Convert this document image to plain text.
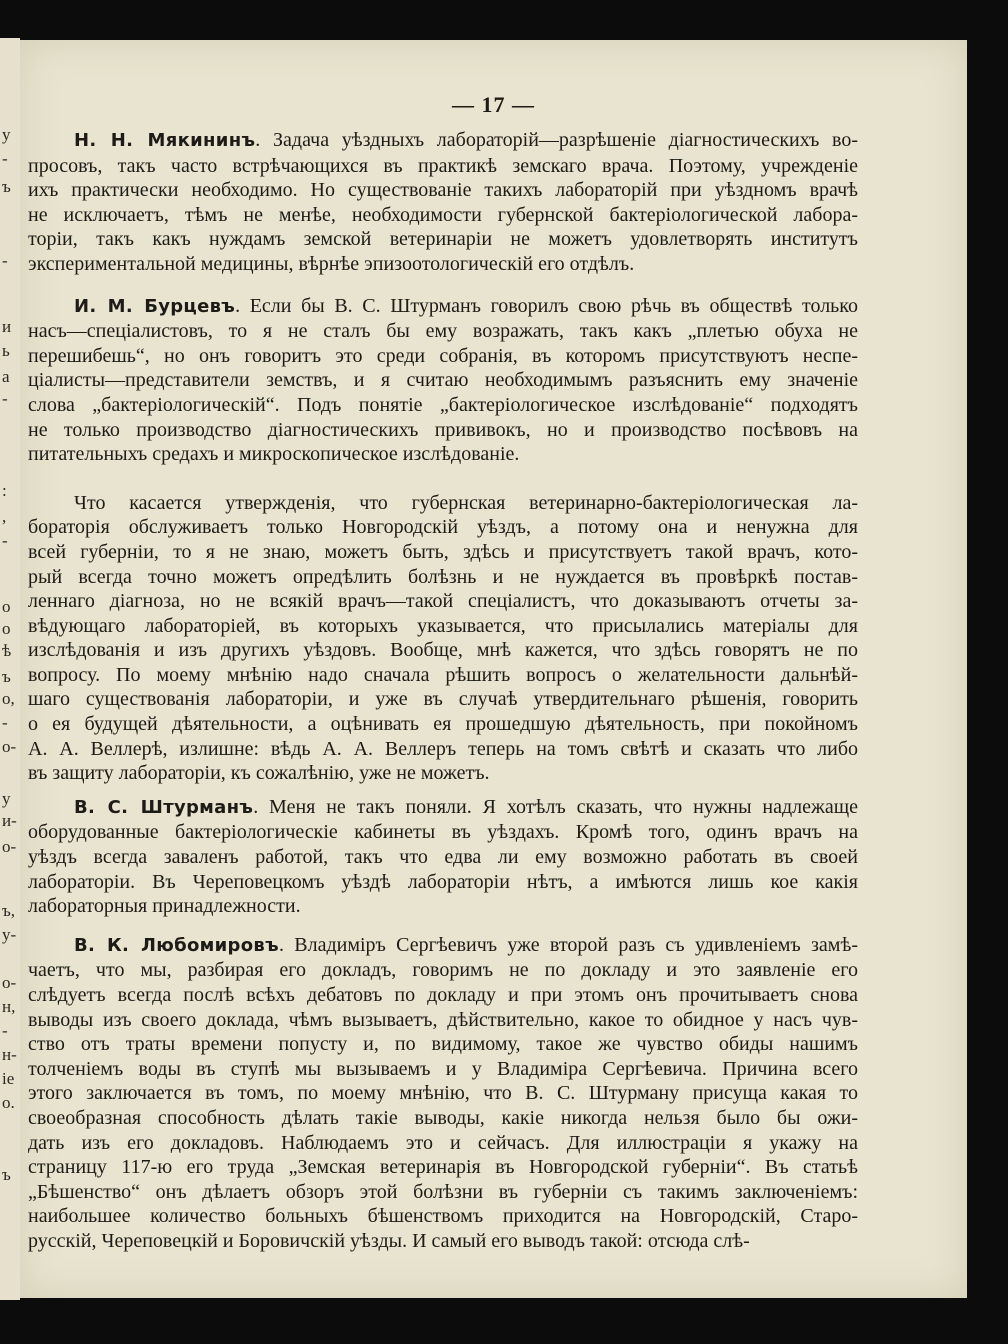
у
-
ъ
-
и
ь
а
-
:
,
-
о
о
ѣ
ъ
о,
-
о-
у
и-
о-
ъ,
у-
о-
н,
-
н-
іе
о.
ъ
— 17 —
Н. Н. Мякининъ. Задача уѣздныхъ лабораторій—разрѣшеніе діагностическихъ во-
просовъ, такъ часто встрѣчающихся въ практикѣ земскаго врача. Поэтому, учрежденіе
ихъ практически необходимо. Но существованіе такихъ лабораторій при уѣздномъ врачѣ
не исключаетъ, тѣмъ не менѣе, необходимости губернской бактеріологической лабора-
торіи, такъ какъ нуждамъ земской ветеринаріи не можетъ удовлетворять институтъ
экспериментальной медицины, вѣрнѣе эпизоотологическій его отдѣлъ.
И. М. Бурцевъ. Если бы В. С. Штурманъ говорилъ свою рѣчь въ обществѣ только
насъ—спеціалистовъ, то я не сталъ бы ему возражать, такъ какъ „плетью обуха не
перешибешь“, но онъ говоритъ это среди собранія, въ которомъ присутствуютъ неспе-
ціалисты—представители земствъ, и я считаю необходимымъ разъяснить ему значеніе
слова „бактеріологическій“. Подъ понятіе „бактеріологическое изслѣдованіе“ подходятъ
не только производство діагностическихъ прививокъ, но и производство посѣвовъ на
питательныхъ средахъ и микроскопическое изслѣдованіе.
Что касается утвержденія, что губернская ветеринарно-бактеріологическая ла-
бораторія обслуживаетъ только Новгородскій уѣздъ, а потому она и ненужна для
всей губерніи, то я не знаю, можетъ быть, здѣсь и присутствуетъ такой врачъ, кото-
рый всегда точно можетъ опредѣлить болѣзнь и не нуждается въ провѣркѣ постав-
леннаго діагноза, но не всякій врачъ—такой спеціалистъ, что доказываютъ отчеты за-
вѣдующаго лабораторіей, въ которыхъ указывается, что присылались матеріалы для
изслѣдованія и изъ другихъ уѣздовъ. Вообще, мнѣ кажется, что здѣсь говорятъ не по
вопросу. По моему мнѣнію надо сначала рѣшить вопросъ о желательности дальнѣй-
шаго существованія лабораторіи, и уже въ случаѣ утвердительнаго рѣшенія, говорить
о ея будущей дѣятельности, а оцѣнивать ея прошедшую дѣятельность, при покойномъ
А. А. Веллерѣ, излишне: вѣдь А. А. Веллеръ теперь на томъ свѣтѣ и сказать что либо
въ защиту лабораторіи, къ сожалѣнію, уже не можетъ.
В. С. Штурманъ. Меня не такъ поняли. Я хотѣлъ сказать, что нужны надлежаще
оборудованные бактеріологическіе кабинеты въ уѣздахъ. Кромѣ того, одинъ врачъ на
уѣздъ всегда заваленъ работой, такъ что едва ли ему возможно работать въ своей
лабораторіи. Въ Череповецкомъ уѣздѣ лабораторіи нѣтъ, а имѣются лишь кое какія
лабораторныя принадлежности.
В. К. Любомировъ. Владиміръ Сергѣевичъ уже второй разъ съ удивленіемъ замѣ-
чаетъ, что мы, разбирая его докладъ, говоримъ не по докладу и это заявленіе его
слѣдуетъ всегда послѣ всѣхъ дебатовъ по докладу и при этомъ онъ прочитываетъ снова
выводы изъ своего доклада, чѣмъ вызываетъ, дѣйствительно, какое то обидное у насъ чув-
ство отъ траты времени попусту и, по видимому, такое же чувство обиды нашимъ
толченіемъ воды въ ступѣ мы вызываемъ и у Владиміра Сергѣевича. Причина всего
этого заключается въ томъ, по моему мнѣнію, что В. С. Штурману присуща какая то
своеобразная способность дѣлать такіе выводы, какіе никогда нельзя было бы ожи-
дать изъ его докладовъ. Наблюдаемъ это и сейчасъ. Для иллюстраціи я укажу на
страницу 117-ю его труда „Земская ветеринарія въ Новгородской губерніи“. Въ статьѣ
„Бѣшенство“ онъ дѣлаетъ обзоръ этой болѣзни въ губерніи съ такимъ заключеніемъ:
наибольшее количество больныхъ бѣшенствомъ приходится на Новгородскій, Старо-
русскій, Череповецкій и Боровичскій уѣзды. И самый его выводъ такой: отсюда слѣ-
